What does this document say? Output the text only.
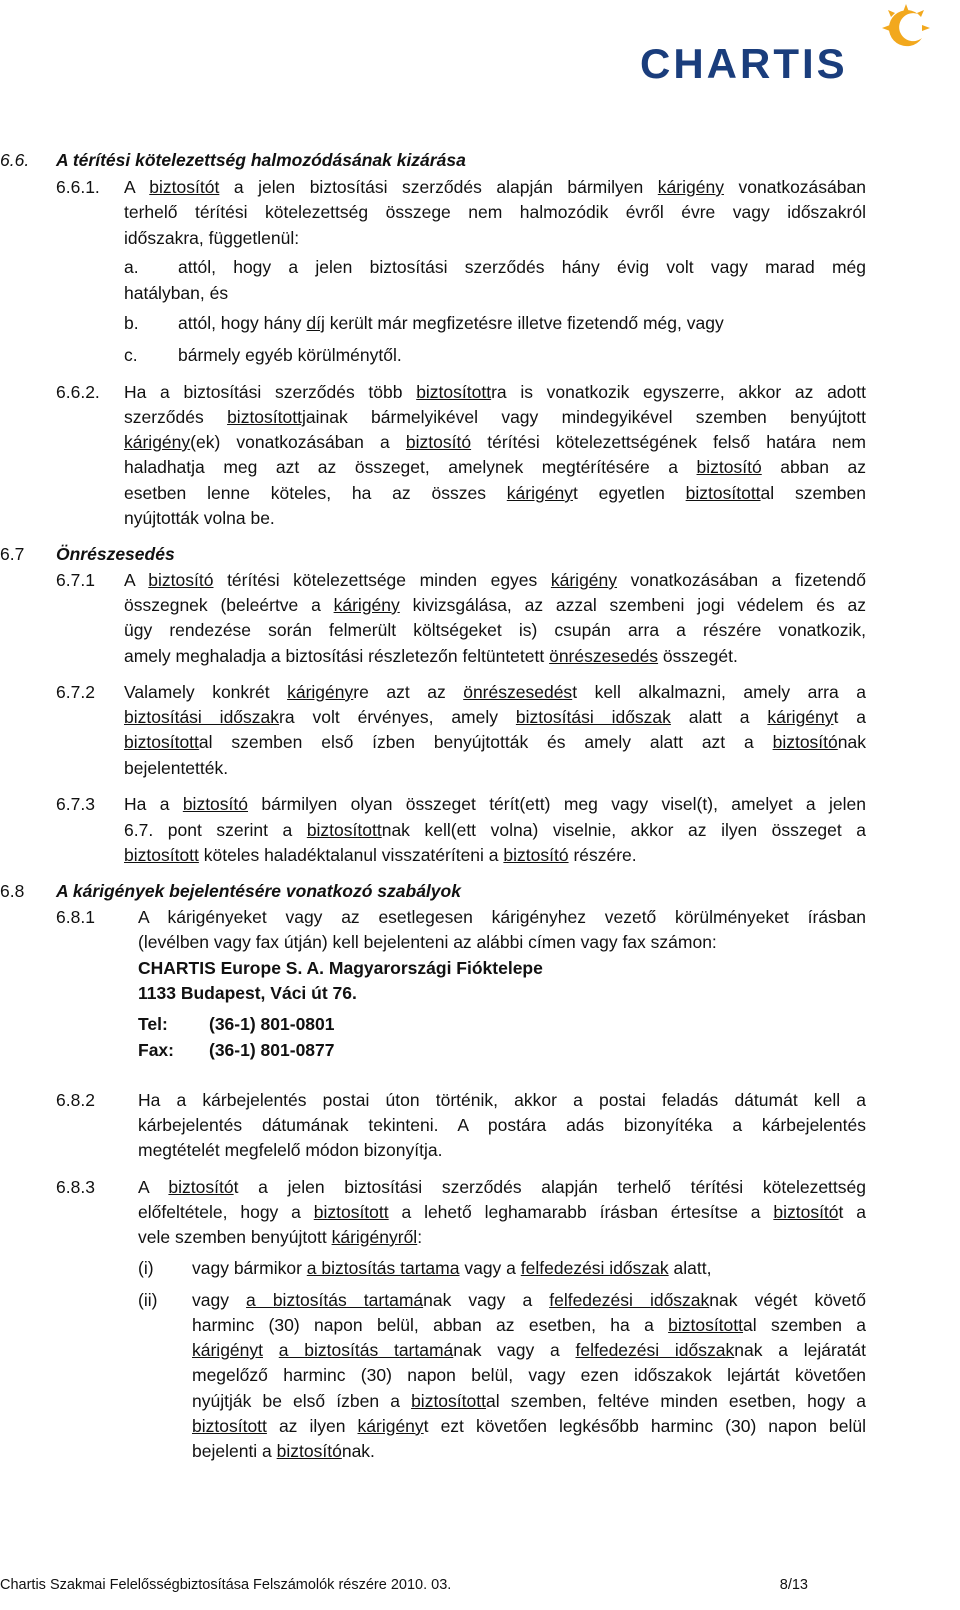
CHARTIS
6.6. A térítési kötelezettség halmozódásának kizárása
6.6.1. A biztosítót a jelen biztosítási szerződés alapján bármilyen kárigény vonatkozásában
terhelő térítési kötelezettség összege nem halmozódik évről évre vagy időszakról
időszakra, függetlenül:
a. attól, hogy a jelen biztosítási szerződés hány évig volt vagy marad még
hatályban, és
b. attól, hogy hány díj került már megfizetésre illetve fizetendő még, vagy
c. bármely egyéb körülménytől.
6.6.2. Ha a biztosítási szerződés több biztosítottra is vonatkozik egyszerre, akkor az adott
szerződés biztosítottjainak bármelyikével vagy mindegyikével szemben benyújtott
kárigény(ek) vonatkozásában a biztosító térítési kötelezettségének felső határa nem
haladhatja meg azt az összeget, amelynek megtérítésére a biztosító abban az
esetben lenne köteles, ha az összes kárigényt egyetlen biztosítottal szemben
nyújtották volna be.
6.7 Önrészesedés
6.7.1 A biztosító térítési kötelezettsége minden egyes kárigény vonatkozásában a fizetendő
összegnek (beleértve a kárigény kivizsgálása, az azzal szembeni jogi védelem és az
ügy rendezése során felmerült költségeket is) csupán arra a részére vonatkozik,
amely meghaladja a biztosítási részletezőn feltüntetett önrészesedés összegét.
6.7.2 Valamely konkrét kárigényre azt az önrészesedést kell alkalmazni, amely arra a
biztosítási időszakra volt érvényes, amely biztosítási időszak alatt a kárigényt a
biztosítottal szemben első ízben benyújtották és amely alatt azt a biztosítónak
bejelentették.
6.7.3 Ha a biztosító bármilyen olyan összeget térít(ett) meg vagy visel(t), amelyet a jelen
6.7. pont szerint a biztosítottnak kell(ett volna) viselnie, akkor az ilyen összeget a
biztosított köteles haladéktalanul visszatéríteni a biztosító részére.
6.8 A kárigények bejelentésére vonatkozó szabályok
6.8.1 A kárigényeket vagy az esetlegesen kárigényhez vezető körülményeket írásban
(levélben vagy fax útján) kell bejelenteni az alábbi címen vagy fax számon:
CHARTIS Europe S. A. Magyarországi Fióktelepe
1133 Budapest, Váci út 76.
Tel: (36-1) 801-0801
Fax: (36-1) 801-0877
6.8.2 Ha a kárbejelentés postai úton történik, akkor a postai feladás dátumát kell a
kárbejelentés dátumának tekinteni. A postára adás bizonyítéka a kárbejelentés
megtételét megfelelő módon bizonyítja.
6.8.3 A biztosítót a jelen biztosítási szerződés alapján terhelő térítési kötelezettség
előfeltétele, hogy a biztosított a lehető leghamarabb írásban értesítse a biztosítót a
vele szemben benyújtott kárigényről:
(i) vagy bármikor a biztosítás tartama vagy a felfedezési időszak alatt,
(ii) vagy a biztosítás tartamának vagy a felfedezési időszaknak végét követő
harminc (30) napon belül, abban az esetben, ha a biztosítottal szemben a
kárigényt a biztosítás tartamának vagy a felfedezési időszaknak a lejáratát
megelőző harminc (30) napon belül, vagy ezen időszakok lejártát követően
nyújtják be első ízben a biztosítottal szemben, feltéve minden esetben, hogy a
biztosított az ilyen kárigényt ezt követően legkésőbb harminc (30) napon belül
bejelenti a biztosítónak.
Chartis Szakmai Felelősségbiztosítása Felszámolók részére 2010. 03.	8/13
